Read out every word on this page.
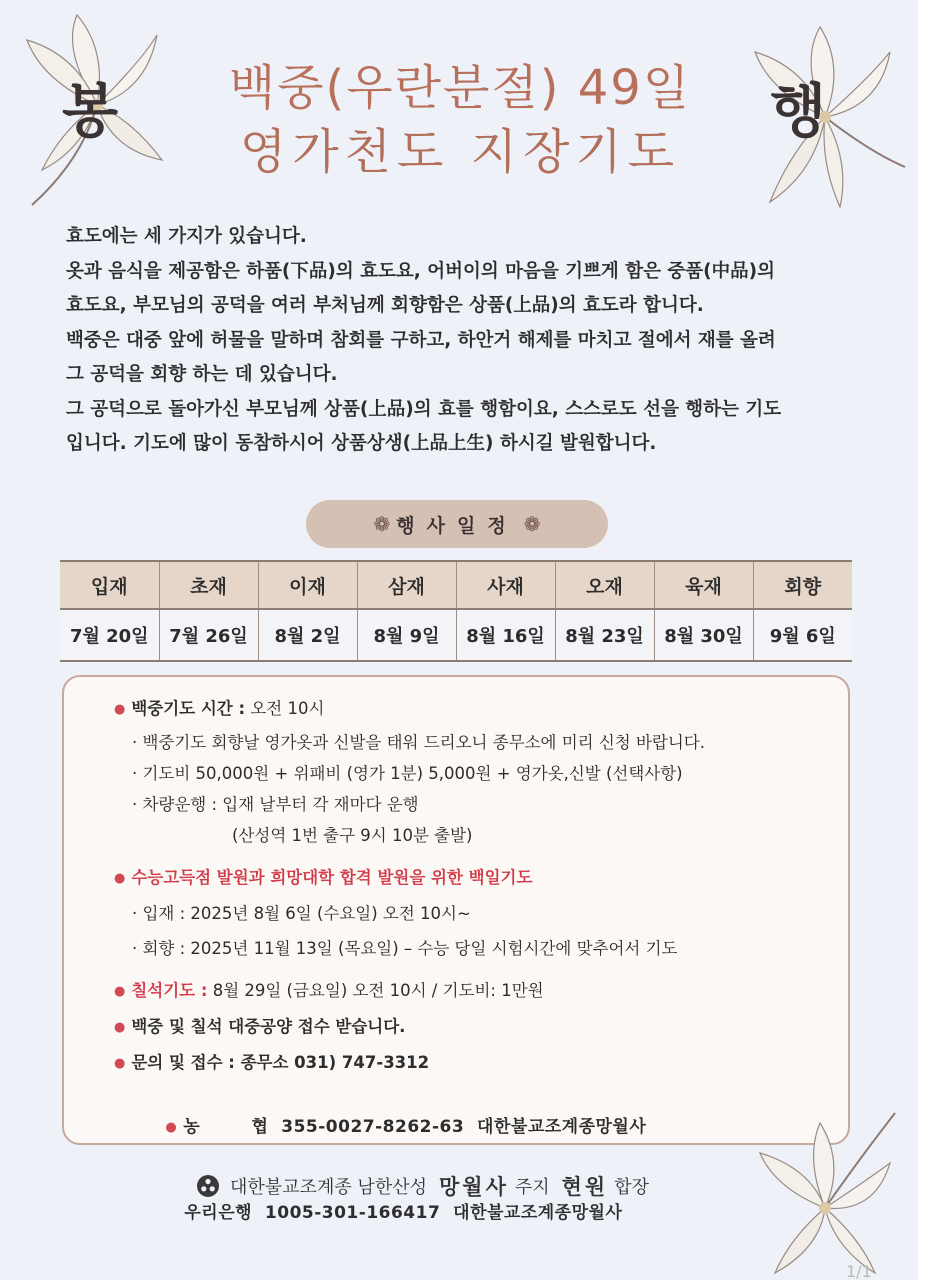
봉	행
백중(우란분절) 49일
영가천도 지장기도
효도에는 세 가지가 있습니다.
옷과 음식을 제공함은 하품(下品)의 효도요, 어버이의 마음을 기쁘게 함은 중품(中品)의
효도요, 부모님의 공덕을 여러 부처님께 회향함은 상품(上品)의 효도라 합니다.
백중은 대중 앞에 허물을 말하며 참회를 구하고, 하안거 해제를 마치고 절에서 재를 올려
그 공덕을 회향 하는 데 있습니다.
그 공덕으로 돌아가신 부모님께 상품(上品)의 효를 행함이요, 스스로도 선을 행하는 기도
입니다. 기도에 많이 동참하시어 상품상생(上品上生) 하시길 발원합니다.
❁ 행사일정 ❁
입재	초재	이재	삼재	사재	오재	육재	회향
7월 20일	7월 26일	8월 2일	8월 9일	8월 16일	8월 23일	8월 30일	9월 6일
● 백중기도 시간 : 오전 10시
· 백중기도 회향날 영가옷과 신발을 태워 드리오니 종무소에 미리 신청 바랍니다.
· 기도비 50,000원 + 위패비 (영가 1분) 5,000원 + 영가옷,신발 (선택사항)
· 차량운행 : 입재 날부터 각 재마다 운행
(산성역 1번 출구 9시 10분 출발)
● 수능고득점 발원과 희망대학 합격 발원을 위한 백일기도
· 입재 : 2025년 8월 6일 (수요일) 오전 10시~
· 회향 : 2025년 11월 13일 (목요일) – 수능 당일 시험시간에 맞추어서 기도
● 칠석기도 : 8월 29일 (금요일) 오전 10시 / 기도비: 1만원
● 백중 및 칠석 대중공양 접수 받습니다.
● 문의 및 접수 : 종무소 031) 747-3312

● 농        협 355-0027-8262-63 대한불교조계종망월사

우리은행 1005-301-166417 대한불교조계종망월사

대한불교조계종 남한산성 망월사 주지 현원 합장
1/1
